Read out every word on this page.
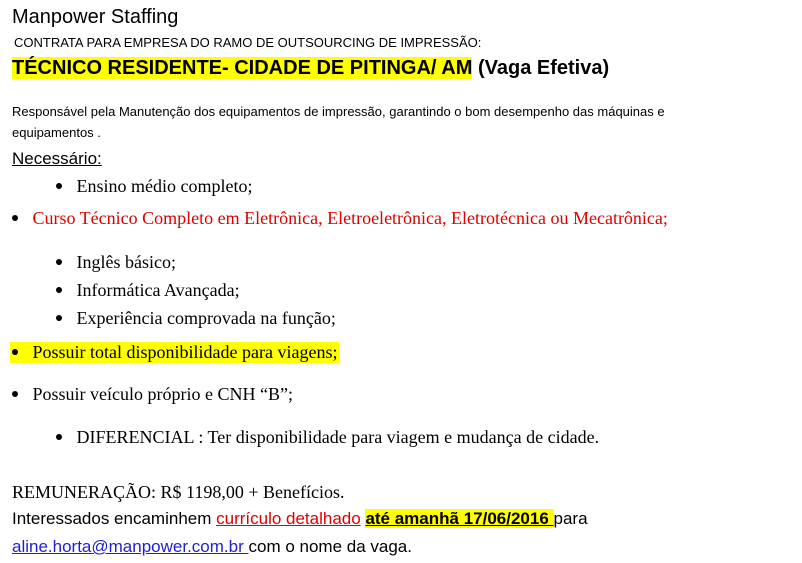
Manpower Staffing
CONTRATA PARA EMPRESA DO RAMO DE OUTSOURCING DE IMPRESSÃO:
TÉCNICO RESIDENTE- CIDADE DE PITINGA/ AM (Vaga Efetiva)
Responsável pela Manutenção dos equipamentos de impressão, garantindo o bom desempenho das máquinas e
equipamentos .
Necessário:
Ensino médio completo;
Curso Técnico Completo em Eletrônica, Eletroeletrônica, Eletrotécnica ou Mecatrônica;
Inglês básico;
Informática Avançada;
Experiência comprovada na função;
Possuir total disponibilidade para viagens;
Possuir veículo próprio e CNH “B”;
DIFERENCIAL : Ter disponibilidade para viagem e mudança de cidade.
REMUNERAÇÃO: R$ 1198,00 + Benefícios.
Interessados encaminhem currículo detalhado até amanhã 17/06/2016 para
aline.horta@manpower.com.br com o nome da vaga.
